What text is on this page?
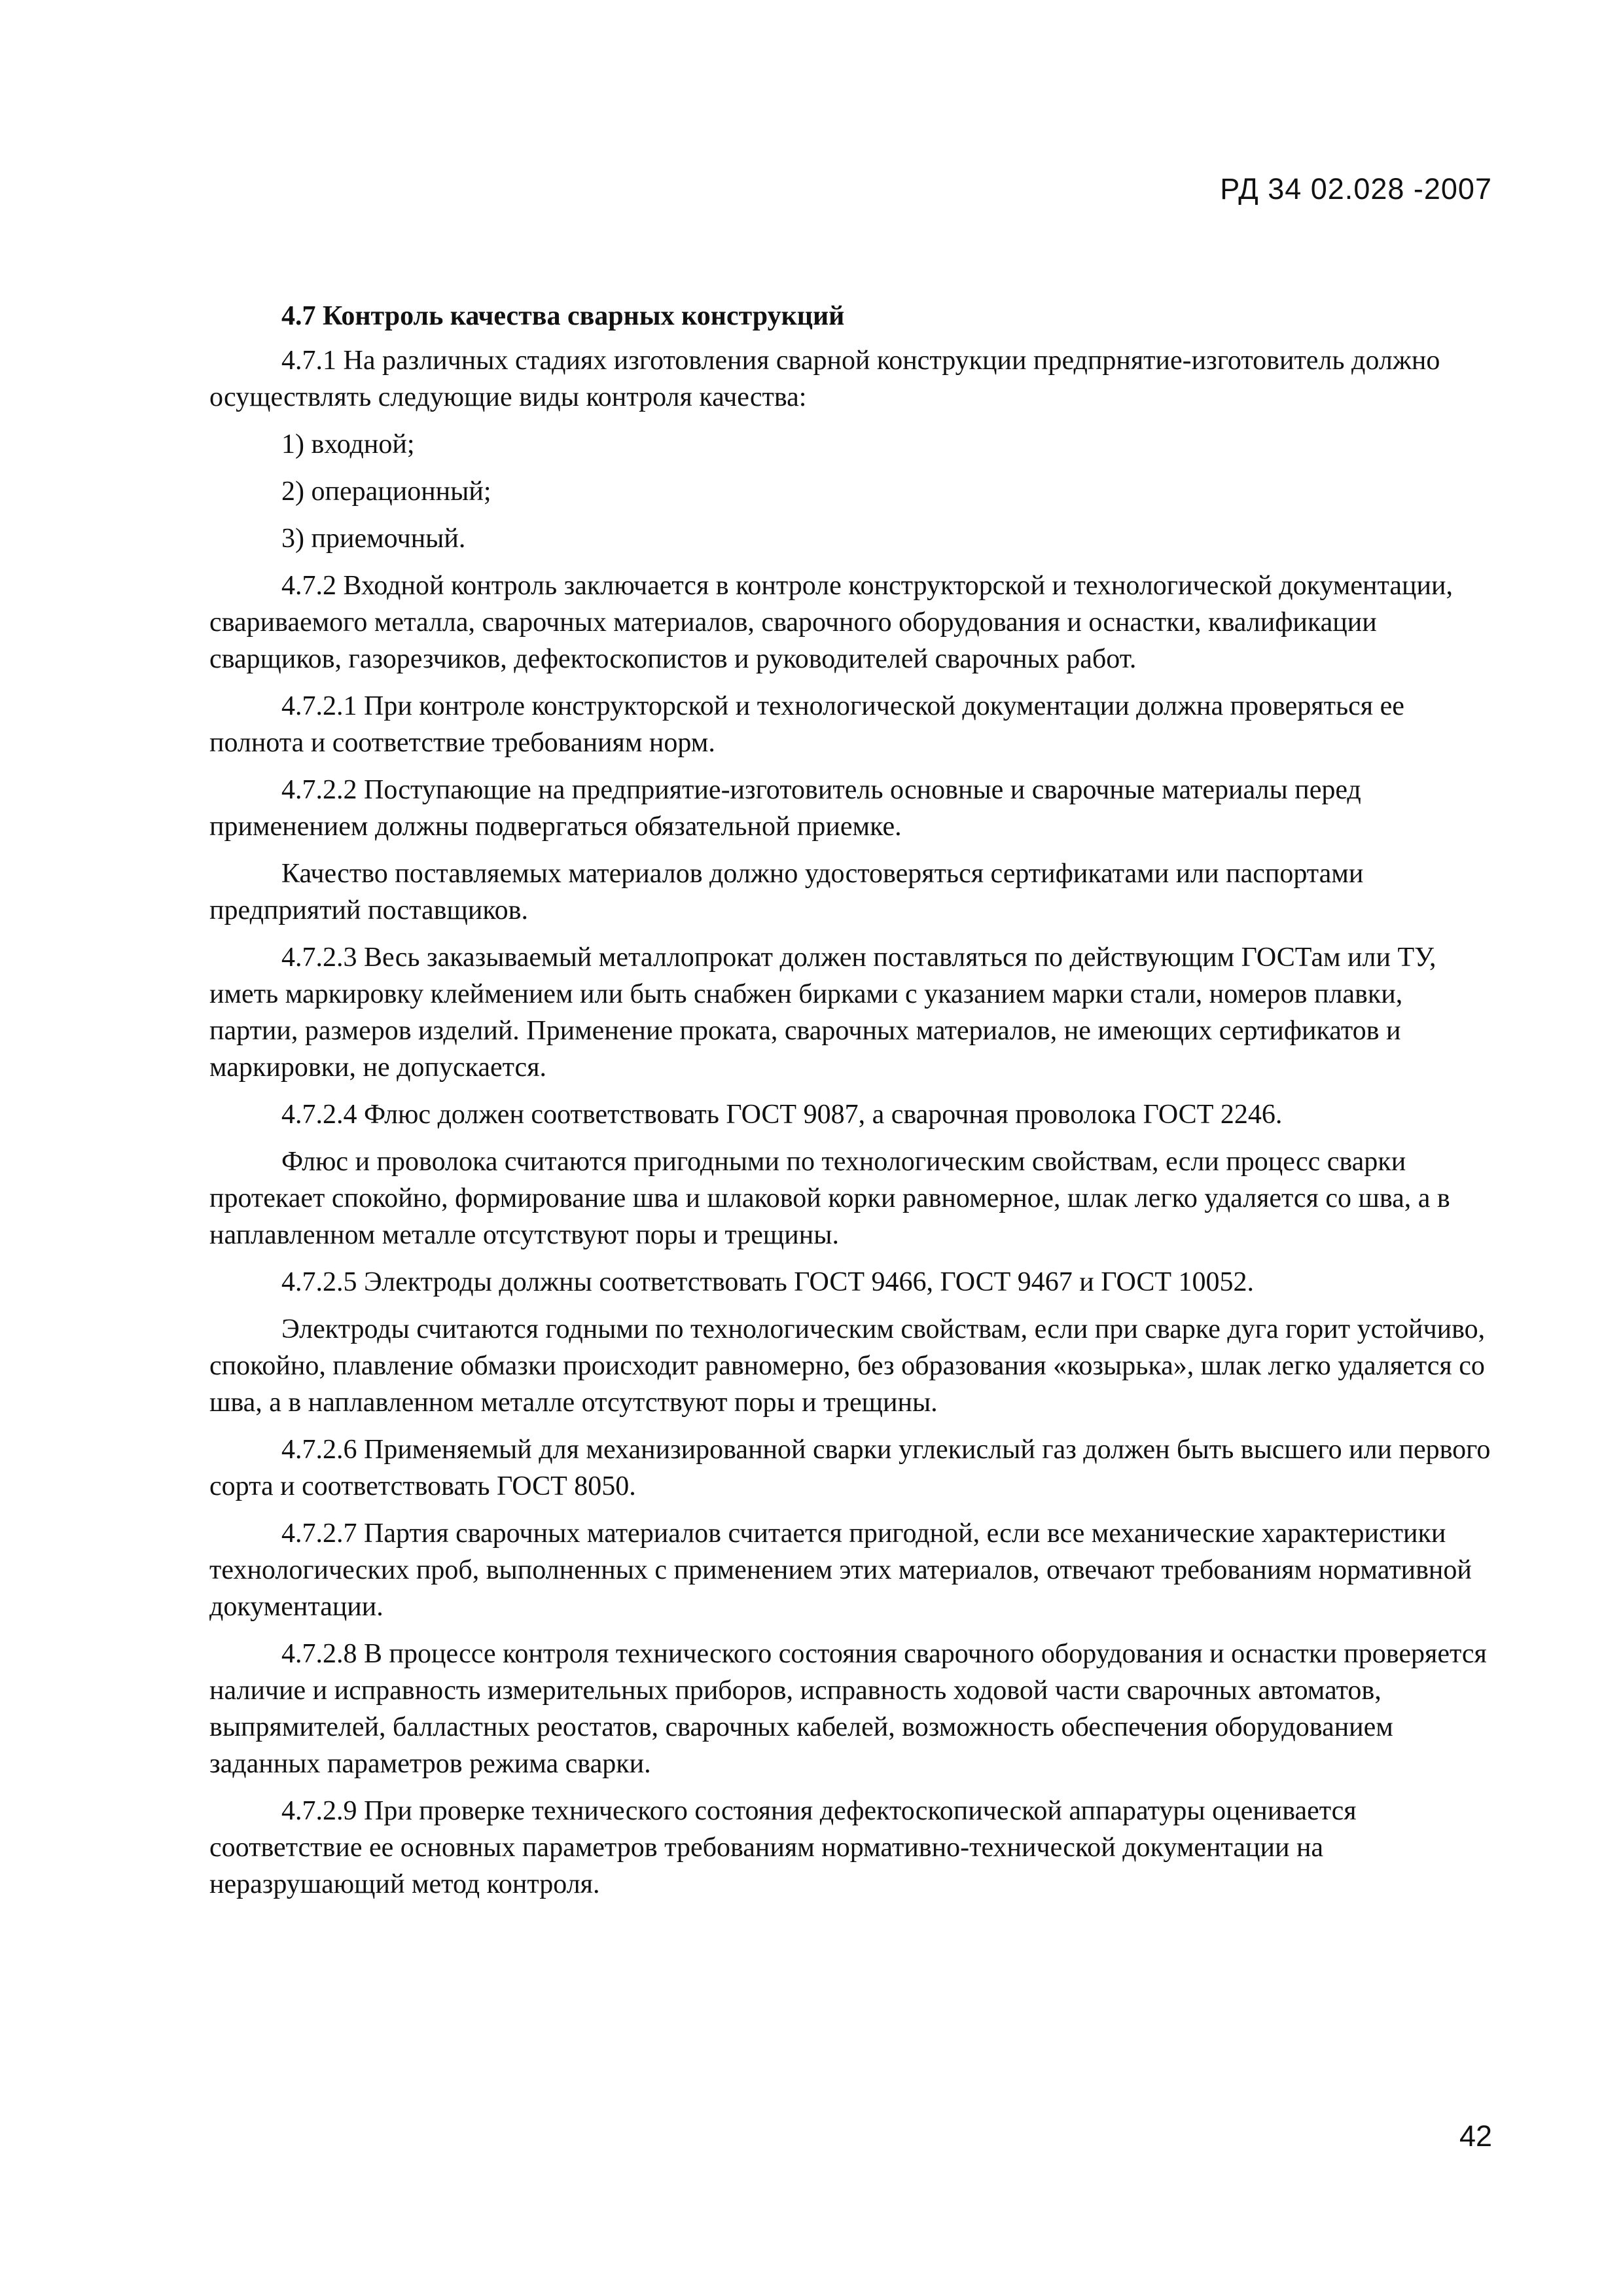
РД 34 02.028 -2007

4.7 Контроль качества сварных конструкций

4.7.1 На различных стадиях изготовления сварной конструкции предпрнятие-изготовитель должно осуществлять следующие виды контроля качества:

1) входной;

2) операционный;

3) приемочный.

4.7.2 Входной контроль заключается в контроле конструкторской и технологической документации, свариваемого металла, сварочных материалов, сварочного оборудования и оснастки, квалификации сварщиков, газорезчиков, дефектоскопистов и руководителей сварочных работ.

4.7.2.1 При контроле конструкторской и технологической документации должна проверяться ее полнота и соответствие требованиям норм.

4.7.2.2 Поступающие на предприятие-изготовитель основные и сварочные материалы перед применением должны подвергаться обязательной приемке.

Качество поставляемых материалов должно удостоверяться сертификатами или паспортами предприятий поставщиков.

4.7.2.3 Весь заказываемый металлопрокат должен поставляться по действующим ГОСТам или ТУ, иметь маркировку клеймением или быть снабжен бирками с указанием марки стали, номеров плавки, партии, размеров изделий. Применение проката, сварочных материалов, не имеющих сертификатов и маркировки, не допускается.

4.7.2.4 Флюс должен соответствовать ГОСТ 9087, а сварочная проволока ГОСТ 2246.

Флюс и проволока считаются пригодными по технологическим свойствам, если процесс сварки протекает спокойно, формирование шва и шлаковой корки равномерное, шлак легко удаляется со шва, а в наплавленном металле отсутствуют поры и трещины.

4.7.2.5 Электроды должны соответствовать ГОСТ 9466, ГОСТ 9467 и ГОСТ 10052.

Электроды считаются годными по технологическим свойствам, если при сварке дуга горит устойчиво, спокойно, плавление обмазки происходит равномерно, без образования «козырька», шлак легко удаляется со шва, а в наплавленном металле отсутствуют поры и трещины.

4.7.2.6 Применяемый для механизированной сварки углекислый газ должен быть высшего или первого сорта и соответствовать ГОСТ 8050.

4.7.2.7 Партия сварочных материалов считается пригодной, если все механические характеристики технологических проб, выполненных с применением этих материалов, отвечают требованиям нормативной документации.

4.7.2.8 В процессе контроля технического состояния сварочного оборудования и оснастки проверяется наличие и исправность измерительных приборов, исправность ходовой части сварочных автоматов, выпрямителей, балластных реостатов, сварочных кабелей, возможность обеспечения оборудованием заданных параметров режима сварки.

4.7.2.9 При проверке технического состояния дефектоскопической аппаратуры оценивается соответствие ее основных параметров требованиям нормативно-технической документации на неразрушающий метод контроля.

42
